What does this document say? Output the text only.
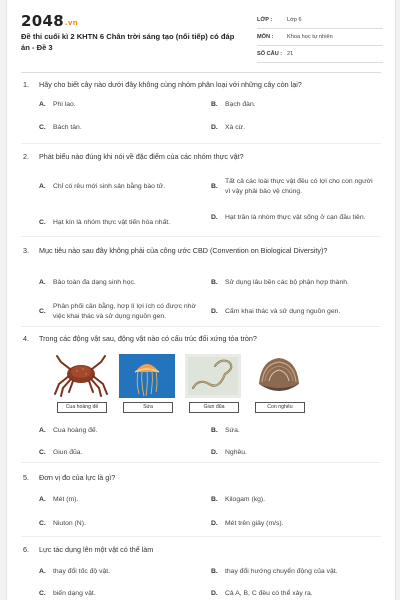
2048.vn
Đề thi cuối kì 2 KHTN 6 Chân trời sáng tạo (nối tiếp) có đáp án - Đề 3
LỚP :	Lớp 6
MÔN :	Khoa học tự nhiên
SỐ CÂU : 21
1.	Hãy cho biết cây nào dưới đây không cùng nhóm phân loại với những cây còn lại?
A.	Phi lao.	B.	Bạch đàn.
C.	Bách tán.	D.	Xà cừ.
2.	Phát biểu nào đúng khi nói về đặc điểm của các nhóm thực vật?
A.	Chỉ có rêu mới sinh sản bằng bào tử.	B.
Tất cả các loài thực vật đều có lợi cho con người vì vậy phải bảo vệ chúng.
C.	Hạt kín là nhóm thực vật tiến hóa nhất.
D.	Hạt trần là nhóm thực vật sống ở cạn đầu tiên.
3.	Mục tiêu nào sau đây không phải của công ước CBD (Convention on Biological Diversity)?
A.	Bảo toàn đa dạng sinh học.	B.	Sử dụng lâu bền các bộ phận hợp thành.
C.
Phân phối cân bằng, hợp lí lợi ích có được nhờ việc khai thác và sử dụng nguồn gen.
D.	Cấm khai thác và sử dụng nguồn gen.
4.	Trong các động vật sau, động vật nào có cấu trúc đối xứng tỏa tròn?
Cua hoàng đế	Sứa	Giun đũa	Con nghêu
A.	Cua hoàng đế.	B.	Sứa.
C.	Giun đũa.	D.	Nghêu.
5.	Đơn vị đo của lực là gì?
A.	Mét (m).	B.	Kilogam (kg).
C.	Niuton (N).	D.	Mét trên giây (m/s).
6.	Lực tác dụng lên một vật có thể làm
A.	thay đổi tốc độ vật.	B.	thay đổi hướng chuyển động của vật.
C.	biến dạng vật.	D.	Cả A, B, C đều có thể xảy ra.
